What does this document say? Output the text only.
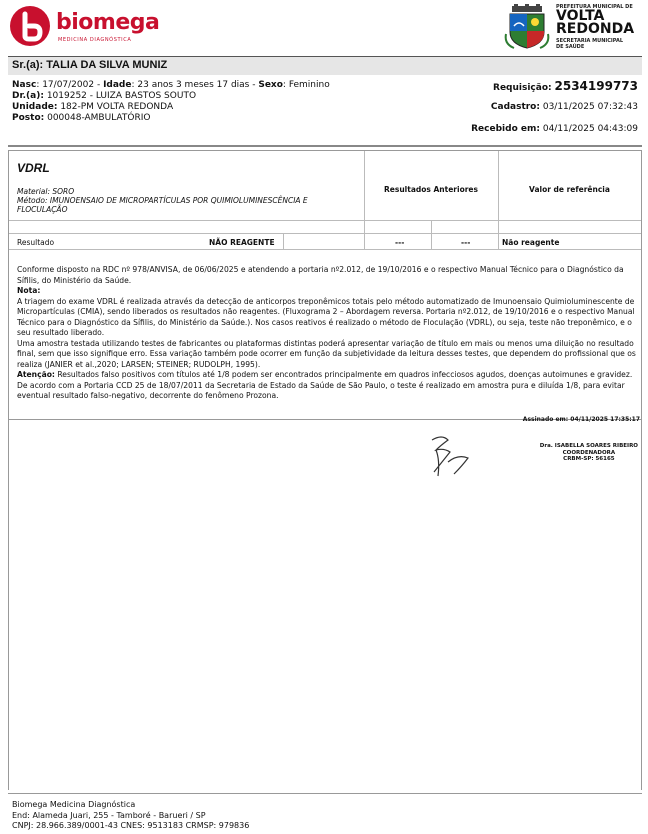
biomega
MEDICINA DIAGNÓSTICA
PREFEITURA MUNICIPAL DE
VOLTA
REDONDA
SECRETARIA MUNICIPAL
DE SAÚDE
Sr.(a): TALIA DA SILVA MUNIZ
Nasc: 17/07/2002 - Idade: 23 anos 3 meses 17 dias - Sexo: Feminino
Dr.(a): 1019252 - LUIZA BASTOS SOUTO
Unidade: 182-PM VOLTA REDONDA
Posto: 000048-AMBULATÓRIO
Requisição: 2534199773
Cadastro: 03/11/2025 07:32:43
Recebido em: 04/11/2025 04:43:09
VDRL
Material: SORO
Método: IMUNOENSAIO DE MICROPARTÍCULAS POR QUIMIOLUMINESCÊNCIA E FLOCULAÇÃO
Resultados Anteriores	Valor de referência
Resultado	NÃO REAGENTE	---	---	Não reagente

Conforme disposto na RDC nº 978/ANVISA, de 06/06/2025 e atendendo a portaria nº2.012, de 19/10/2016 e o respectivo Manual Técnico para o Diagnóstico da Sífilis, do Ministério da Saúde.

Nota:

A triagem do exame VDRL é realizada através da detecção de anticorpos treponêmicos totais pelo método automatizado de Imunoensaio Quimioluminescente de Micropartículas (CMIA), sendo liberados os resultados não reagentes. (Fluxograma 2 – Abordagem reversa. Portaria nº2.012, de 19/10/2016 e o respectivo Manual Técnico para o Diagnóstico da Sífilis, do Ministério da Saúde.). Nos casos reativos é realizado o método de Floculação (VDRL), ou seja, teste não treponêmico, e o seu resultado liberado.

Uma amostra testada utilizando testes de fabricantes ou plataformas distintas poderá apresentar variação de título em mais ou menos uma diluição no resultado final, sem que isso signifique erro. Essa variação também pode ocorrer em função da subjetividade da leitura desses testes, que dependem do profissional que os realiza (JANIER et al.,2020; LARSEN; STEINER; RUDOLPH, 1995).

Atenção: Resultados falso positivos com títulos até 1/8 podem ser encontrados principalmente em quadros infecciosos agudos, doenças autoimunes e gravidez.

De acordo com a Portaria CCD 25 de 18/07/2011 da Secretaria de Estado da Saúde de São Paulo, o teste é realizado em amostra pura e diluída 1/8, para evitar eventual resultado falso-negativo, decorrente do fenômeno Prozona.

Assinado em: 04/11/2025 17:35:17
Dra. ISABELLA SOARES RIBEIRO
COORDENADORA
CRBM-SP: 56165
Biomega Medicina Diagnóstica
End: Alameda Juari, 255 - Tamboré - Barueri / SP
CNPJ: 28.966.389/0001-43 CNES: 9513183 CRMSP: 979836
